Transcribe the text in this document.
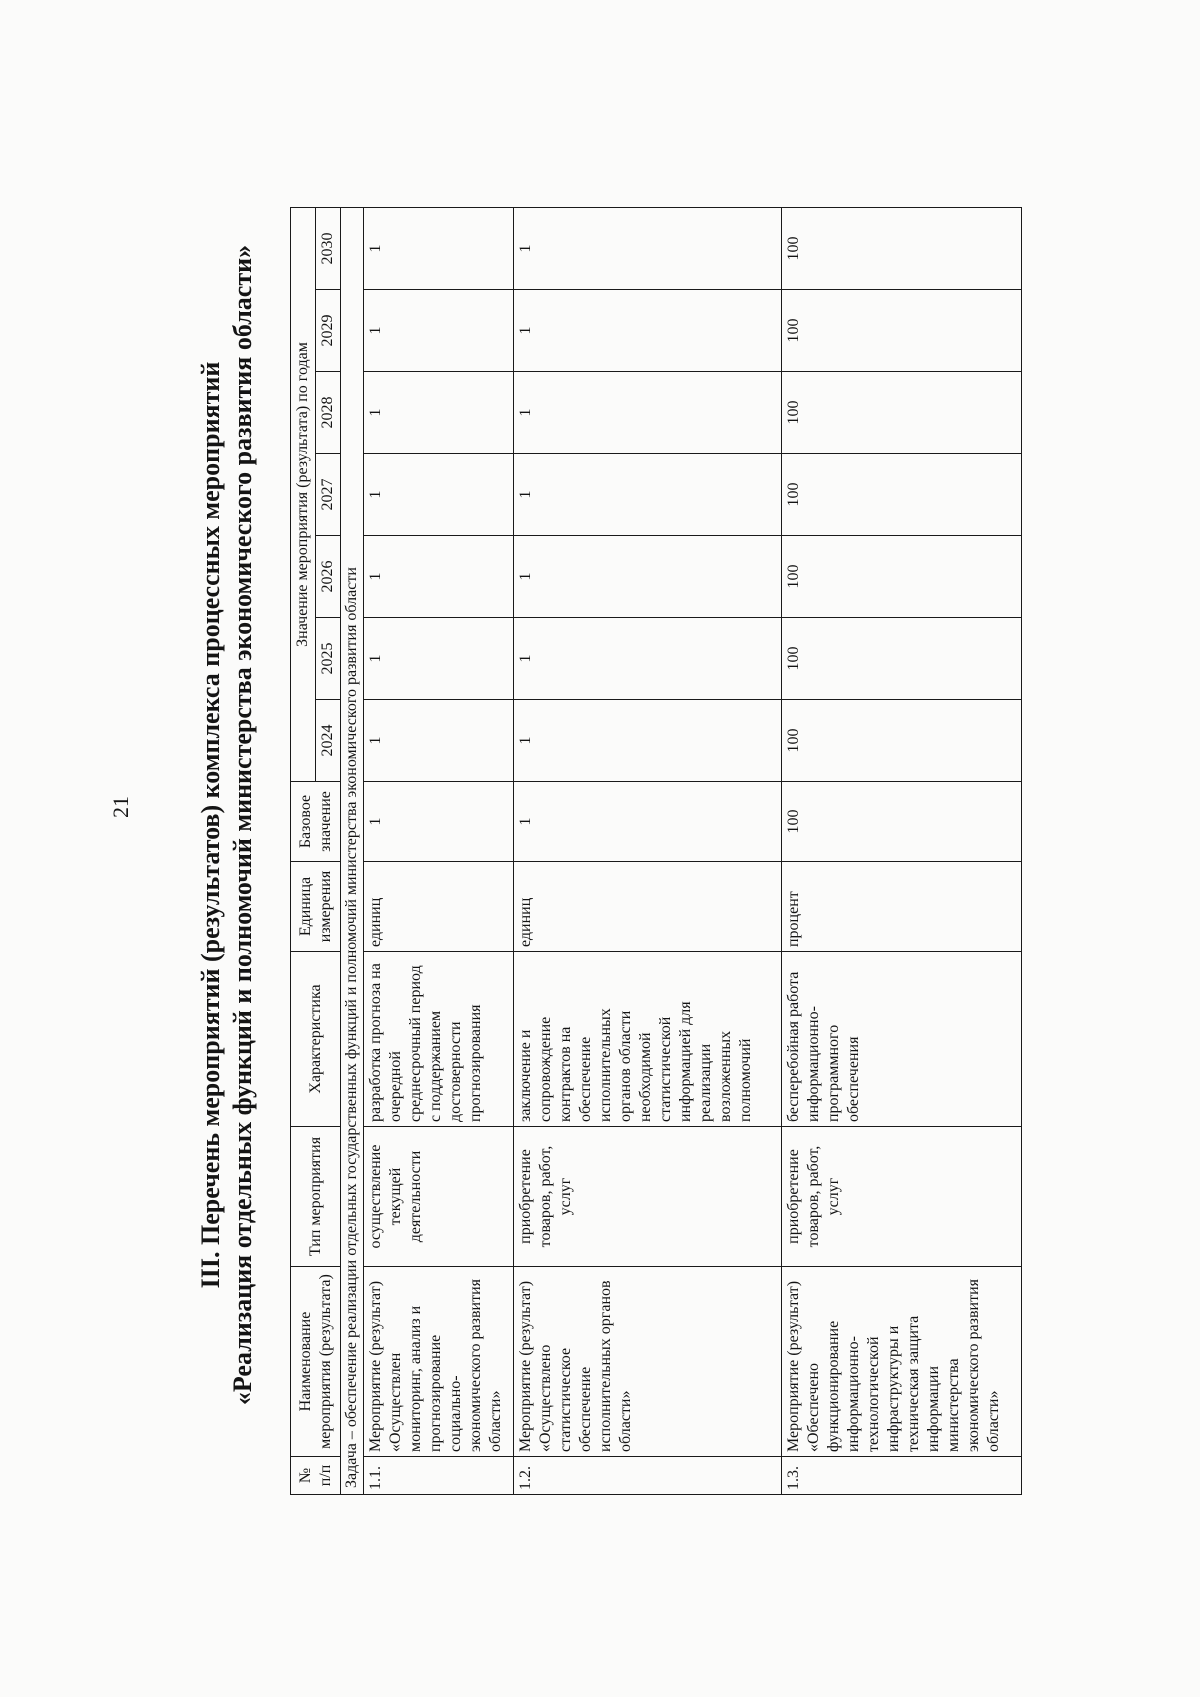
21 III. Перечень мероприятий (результатов) комплекса процессных мероприятий «Реализация отдельных функций и полномочий министерства экономического развития области»
№ п/п	Наименование мероприятия (результата)	Тип мероприятия	Характеристика	Единица измерения	Базовое значение	Значение мероприятия (результата) по годам						
						2024	2025	2026	2027	2028	2029	2030
Задача – обеспечение реализации отдельных государственных функций и полномочий министерства экономического развития области												
1.1.	Мероприятие (результат) «Осуществлен мониторинг, анализ и прогнозирование социально-экономического развития области»	осуществление текущей деятельности	разработка прогноза на очередной среднесрочный период с поддержанием достоверности прогнозирования	единиц	1	1	1	1	1	1	1	1
1.2.	Мероприятие (результат) «Осуществлено статистическое обеспечение исполнительных органов области»	приобретение товаров, работ, услуг	заключение и сопровождение контрактов на обеспечение исполнительных органов области необходимой статистической информацией для реализации возложенных полномочий	единиц	1	1	1	1	1	1	1	1
1.3.	Мероприятие (результат) «Обеспечено функционирование информационно-технологической инфраструктуры и техническая защита информации министерства экономического развития области»	приобретение товаров, работ, услуг	бесперебойная работа информационно-программного обеспечения	процент	100	100	100	100	100	100	100	100
